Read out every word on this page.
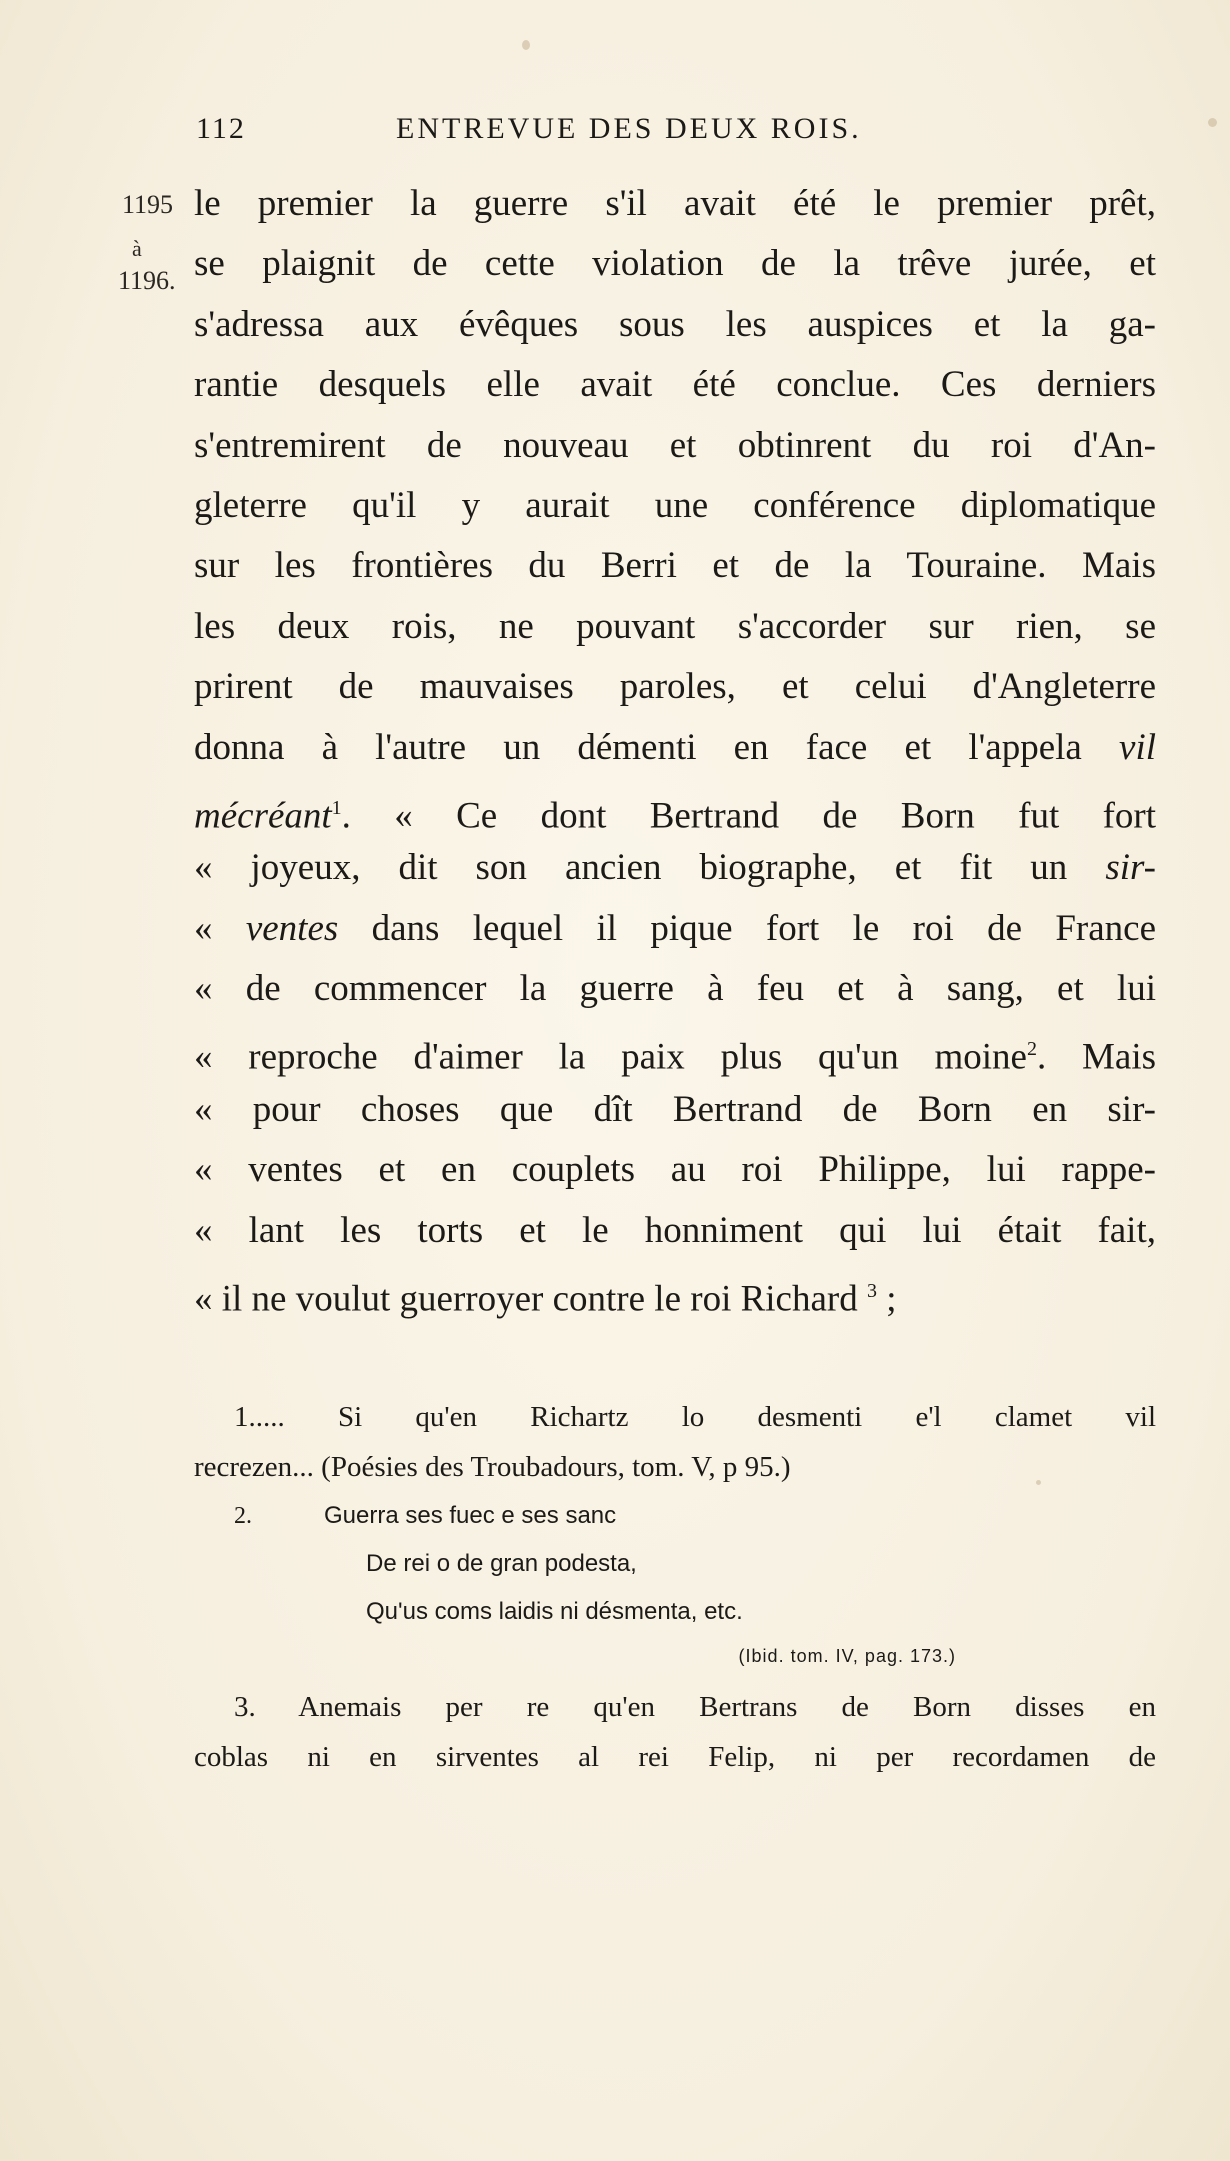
112	ENTREVUE DES DEUX ROIS.
1195
à
1196.
le premier la guerre s'il avait été le premier prêt,
se plaignit de cette violation de la trêve jurée, et
s'adressa aux évêques sous les auspices et la ga-
rantie desquels elle avait été conclue. Ces derniers
s'entremirent de nouveau et obtinrent du roi d'An-
gleterre qu'il y aurait une conférence diplomatique
sur les frontières du Berri et de la Touraine. Mais
les deux rois, ne pouvant s'accorder sur rien, se
prirent de mauvaises paroles, et celui d'Angleterre
donna à l'autre un démenti en face et l'appela vil
mécréant$^1$. « Ce dont Bertrand de Born fut fort
« joyeux, dit son ancien biographe, et fit un sir-
« ventes dans lequel il pique fort le roi de France
« de commencer la guerre à feu et à sang, et lui
« reproche d'aimer la paix plus qu'un moine$^2$. Mais
« pour choses que dît Bertrand de Born en sir-
« ventes et en couplets au roi Philippe, lui rappe-
« lant les torts et le honniment qui lui était fait,
« il ne voulut guerroyer contre le roi Richard $^3$ ;
1..... Si qu'en Richartz lo desmenti e'l clamet vil
recrezen... (Poésies des Troubadours, tom. V, p 95.)
2.	Guerra ses fuec e ses sanc
De rei o de gran podesta,
Qu'us coms laidis ni désmenta, etc.
(Ibid. tom. IV, pag. 173.)
3. Anemais per re qu'en Bertrans de Born disses en
coblas ni en sirventes al rei Felip, ni per recordamen de
